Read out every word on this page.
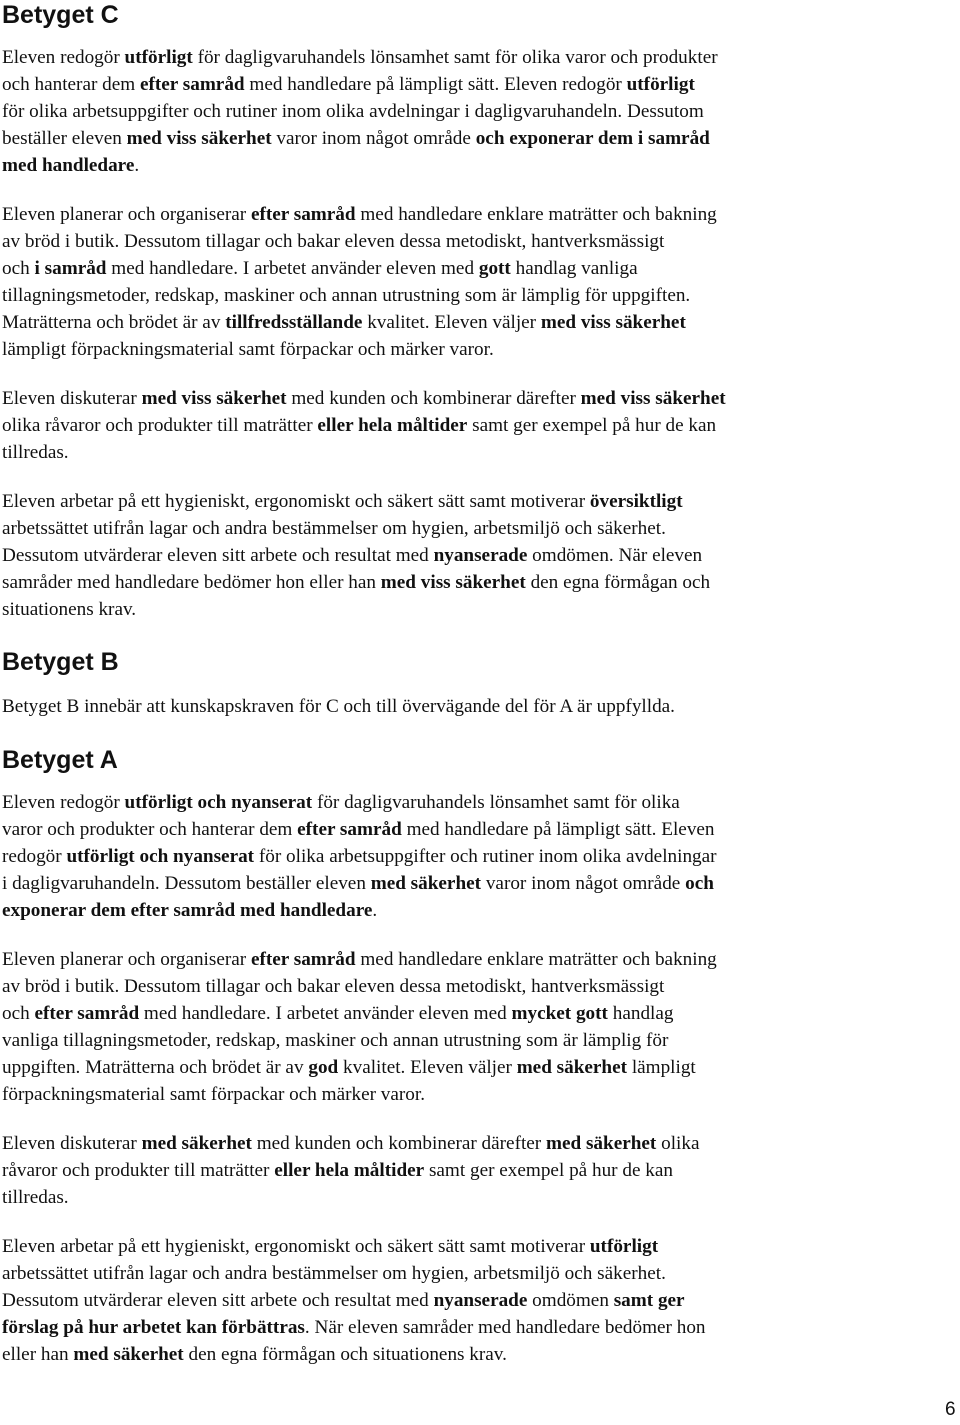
Betyget C

Eleven redogör utförligt för dagligvaruhandels lönsamhet samt för olika varor och produkter
och hanterar dem efter samråd med handledare på lämpligt sätt. Eleven redogör utförligt
för olika arbetsuppgifter och rutiner inom olika avdelningar i dagligvaruhandeln. Dessutom
beställer eleven med viss säkerhet varor inom något område och exponerar dem i samråd
med handledare.

Eleven planerar och organiserar efter samråd med handledare enklare maträtter och bakning
av bröd i butik. Dessutom tillagar och bakar eleven dessa metodiskt, hantverksmässigt
och i samråd med handledare. I arbetet använder eleven med gott handlag vanliga
tillagningsmetoder, redskap, maskiner och annan utrustning som är lämplig för uppgiften.
Maträtterna och brödet är av tillfredsställande kvalitet. Eleven väljer med viss säkerhet
lämpligt förpackningsmaterial samt förpackar och märker varor.

Eleven diskuterar med viss säkerhet med kunden och kombinerar därefter med viss säkerhet
olika råvaror och produkter till maträtter eller hela måltider samt ger exempel på hur de kan
tillredas.

Eleven arbetar på ett hygieniskt, ergonomiskt och säkert sätt samt motiverar översiktligt
arbetssättet utifrån lagar och andra bestämmelser om hygien, arbetsmiljö och säkerhet.
Dessutom utvärderar eleven sitt arbete och resultat med nyanserade omdömen. När eleven
samråder med handledare bedömer hon eller han med viss säkerhet den egna förmågan och
situationens krav.

Betyget B

Betyget B innebär att kunskapskraven för C och till övervägande del för A är uppfyllda.

Betyget A

Eleven redogör utförligt och nyanserat för dagligvaruhandels lönsamhet samt för olika
varor och produkter och hanterar dem efter samråd med handledare på lämpligt sätt. Eleven
redogör utförligt och nyanserat för olika arbetsuppgifter och rutiner inom olika avdelningar
i dagligvaruhandeln. Dessutom beställer eleven med säkerhet varor inom något område och
exponerar dem efter samråd med handledare.

Eleven planerar och organiserar efter samråd med handledare enklare maträtter och bakning
av bröd i butik. Dessutom tillagar och bakar eleven dessa metodiskt, hantverksmässigt
och efter samråd med handledare. I arbetet använder eleven med mycket gott handlag
vanliga tillagningsmetoder, redskap, maskiner och annan utrustning som är lämplig för
uppgiften. Maträtterna och brödet är av god kvalitet. Eleven väljer med säkerhet lämpligt
förpackningsmaterial samt förpackar och märker varor.

Eleven diskuterar med säkerhet med kunden och kombinerar därefter med säkerhet olika
råvaror och produkter till maträtter eller hela måltider samt ger exempel på hur de kan
tillredas.

Eleven arbetar på ett hygieniskt, ergonomiskt och säkert sätt samt motiverar utförligt
arbetssättet utifrån lagar och andra bestämmelser om hygien, arbetsmiljö och säkerhet.
Dessutom utvärderar eleven sitt arbete och resultat med nyanserade omdömen samt ger
förslag på hur arbetet kan förbättras. När eleven samråder med handledare bedömer hon
eller han med säkerhet den egna förmågan och situationens krav.

6
